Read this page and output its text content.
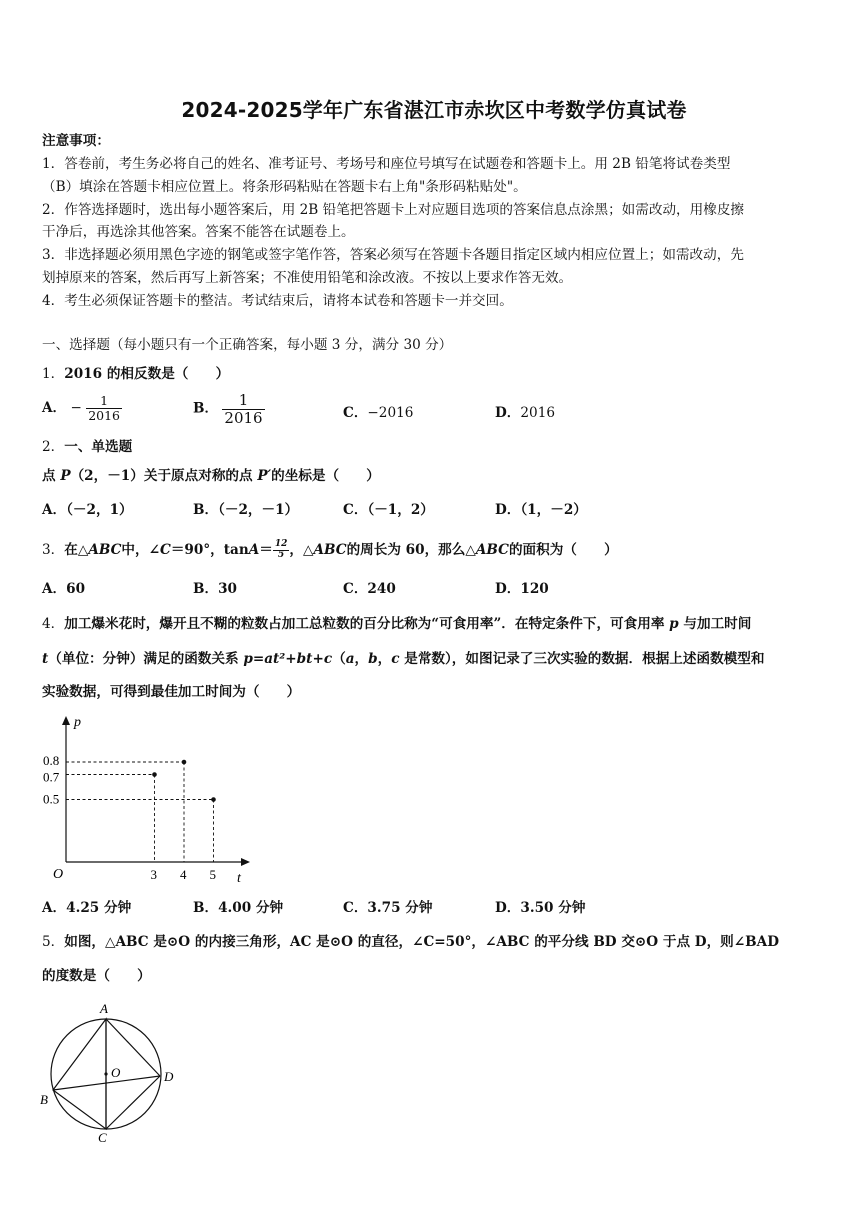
2024-2025学年广东省湛江市赤坎区中考数学仿真试卷
注意事项：
1．答卷前，考生务必将自己的姓名、准考证号、考场号和座位号填写在试题卷和答题卡上。用 2B 铅笔将试卷类型
（B）填涂在答题卡相应位置上。将条形码粘贴在答题卡右上角"条形码粘贴处"。
2．作答选择题时，选出每小题答案后，用 2B 铅笔把答题卡上对应题目选项的答案信息点涂黑；如需改动，用橡皮擦
干净后，再选涂其他答案。答案不能答在试题卷上。
3．非选择题必须用黑色字迹的钢笔或签字笔作答，答案必须写在答题卡各题目指定区域内相应位置上；如需改动，先
划掉原来的答案，然后再写上新答案；不准使用铅笔和涂改液。不按以上要求作答无效。
4．考生必须保证答题卡的整洁。考试结束后，请将本试卷和答题卡一并交回。
一、选择题（每小题只有一个正确答案，每小题 3 分，满分 30 分）
1．2016 的相反数是（　　）
A． − $\frac{1}{2016}$	B． $\frac{1}{2016}$	C．−2016	D．2016
2．一、单选题
点 P（2，－1）关于原点对称的点 P′的坐标是（　　）
A．（－2，1）	B．（－2，－1）	C．（－1，2）	D．（1，－2）
3．在△ABC中，∠C＝90°，$\tan A= \frac{12}{5}$ ，△ABC的周长为 60，那么△ABC的面积为（　　）
A．60	B．30	C．240	D．120
4．加工爆米花时，爆开且不糊的粒数占加工总粒数的百分比称为“可食用率”．在特定条件下，可食用率 p 与加工时间
t（单位：分钟）满足的函数关系 p=at²+bt+c（a，b，c 是常数），如图记录了三次实验的数据．根据上述函数模型和
实验数据，可得到最佳加工时间为（　　）
t
p
O	3 4 5
0.5
0.7
0.8
A．4.25 分钟	B．4.00 分钟	C．3.75 分钟	D．3.50 分钟
5．如图，△ABC 是⊙O 的内接三角形，AC 是⊙O 的直径，∠C=50°，∠ABC 的平分线 BD 交⊙O 于点 D，则∠BAD
的度数是（　　）
A
O	D
B
C
